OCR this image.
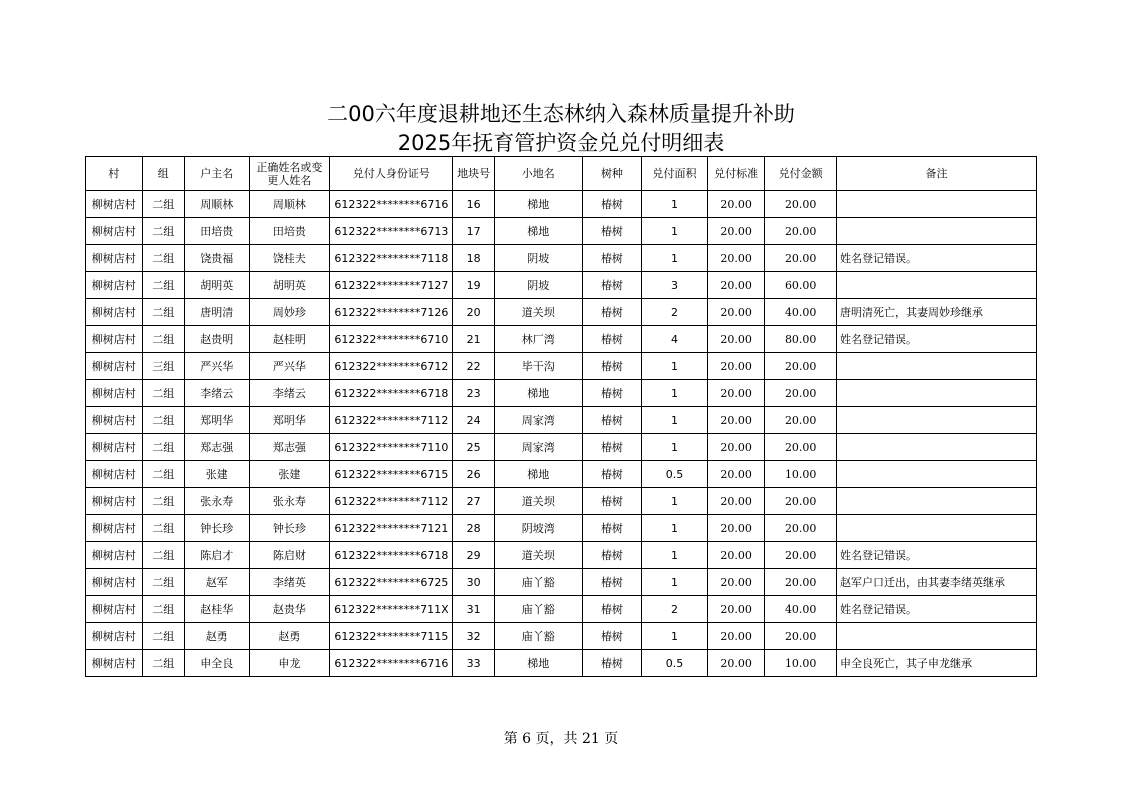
二00六年度退耕地还生态林纳入森林质量提升补助
2025年抚育管护资金兑兑付明细表
村	组	户主名	正确姓名或变更人姓名	兑付人身份证号	地块号	小地名	树种	兑付面积	兑付标准	兑付金额	备注
柳树店村	二组	周顺林	周顺林	612322********6716	16	梯地	椿树	1	20.00	20.00	
柳树店村	二组	田培贵	田培贵	612322********6713	17	梯地	椿树	1	20.00	20.00	
柳树店村	二组	饶贵福	饶桂夫	612322********7118	18	阴坡	椿树	1	20.00	20.00	姓名登记错误。
柳树店村	二组	胡明英	胡明英	612322********7127	19	阴坡	椿树	3	20.00	60.00	
柳树店村	二组	唐明清	周妙珍	612322********7126	20	道关坝	椿树	2	20.00	40.00	唐明清死亡，其妻周妙珍继承
柳树店村	二组	赵贵明	赵桂明	612322********6710	21	林厂湾	椿树	4	20.00	80.00	姓名登记错误。
柳树店村	三组	严兴华	严兴华	612322********6712	22	毕干沟	椿树	1	20.00	20.00	
柳树店村	二组	李绪云	李绪云	612322********6718	23	梯地	椿树	1	20.00	20.00	
柳树店村	二组	郑明华	郑明华	612322********7112	24	周家湾	椿树	1	20.00	20.00	
柳树店村	二组	郑志强	郑志强	612322********7110	25	周家湾	椿树	1	20.00	20.00	
柳树店村	二组	张建	张建	612322********6715	26	梯地	椿树	0.5	20.00	10.00	
柳树店村	二组	张永寿	张永寿	612322********7112	27	道关坝	椿树	1	20.00	20.00	
柳树店村	二组	钟长珍	钟长珍	612322********7121	28	阴坡湾	椿树	1	20.00	20.00	
柳树店村	二组	陈启才	陈启财	612322********6718	29	道关坝	椿树	1	20.00	20.00	姓名登记错误。
柳树店村	二组	赵军	李绪英	612322********6725	30	庙丫豁	椿树	1	20.00	20.00	赵军户口迁出，由其妻李绪英继承
柳树店村	二组	赵桂华	赵贵华	612322********711X	31	庙丫豁	椿树	2	20.00	40.00	姓名登记错误。
柳树店村	二组	赵勇	赵勇	612322********7115	32	庙丫豁	椿树	1	20.00	20.00	
柳树店村	二组	申全良	申龙	612322********6716	33	梯地	椿树	0.5	20.00	10.00	申全良死亡，其子申龙继承
第 6 页，共 21 页
